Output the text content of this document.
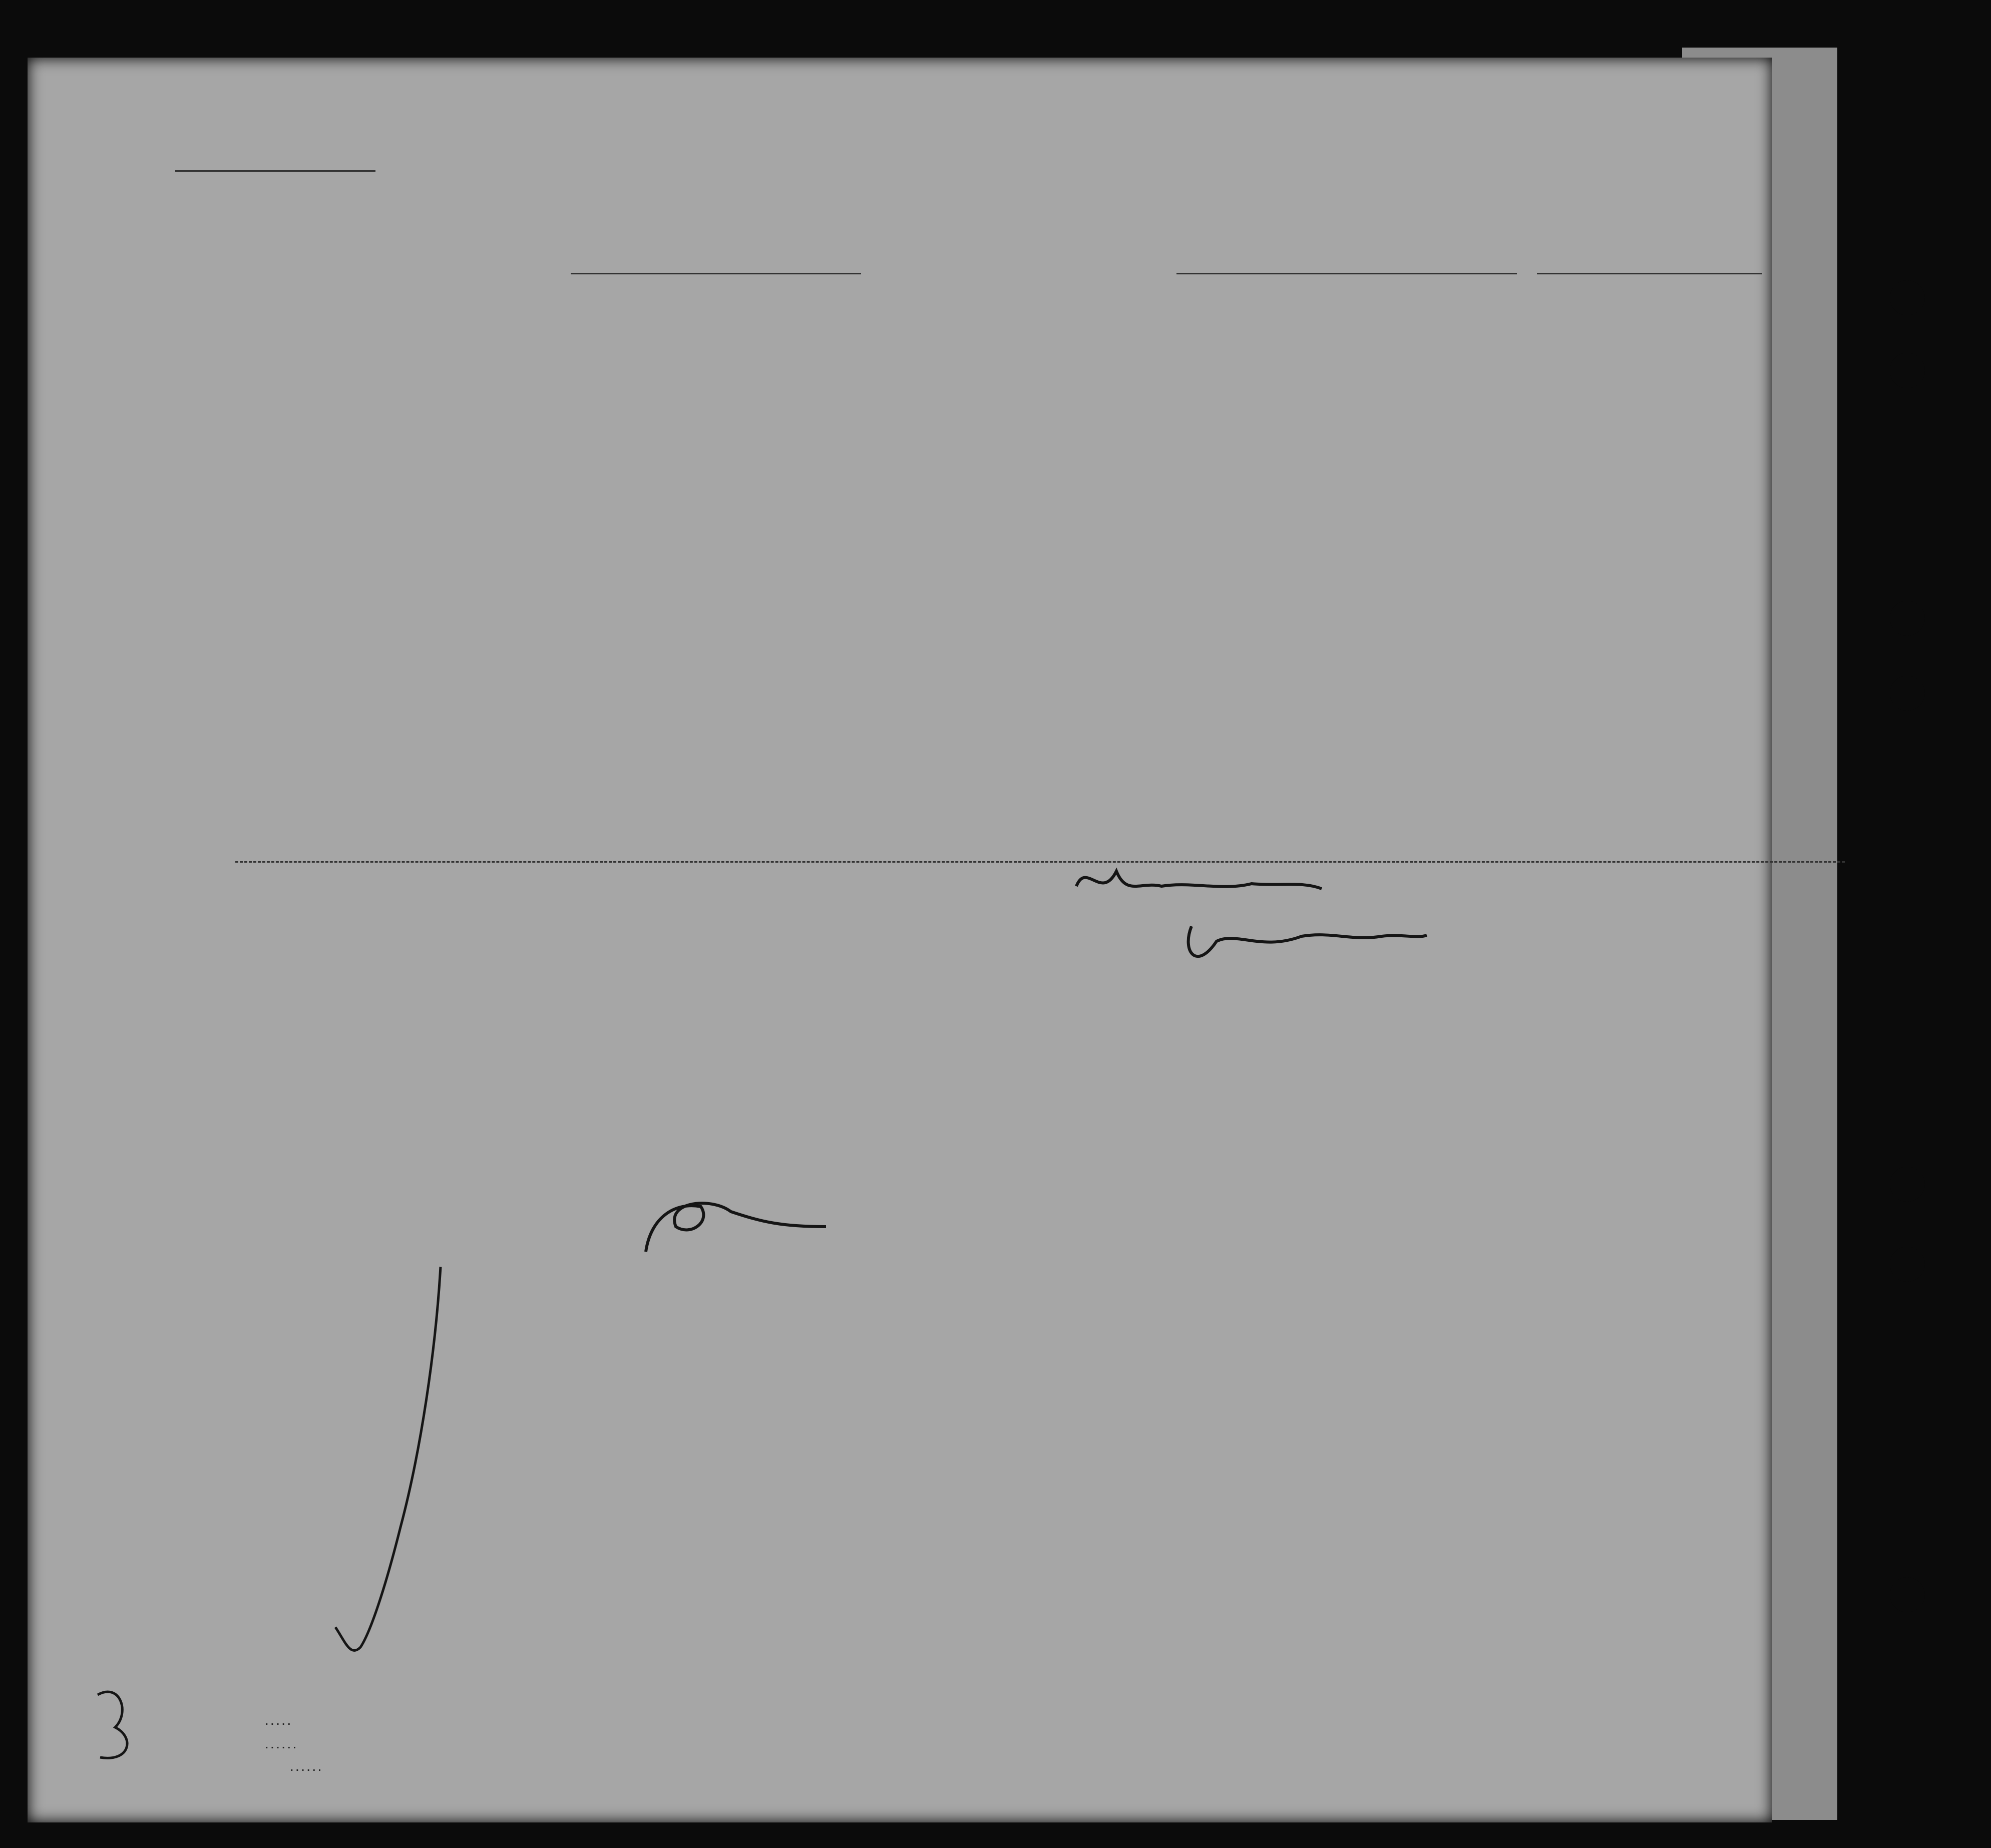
. . . . .
. . . . . .
. . . . . .
